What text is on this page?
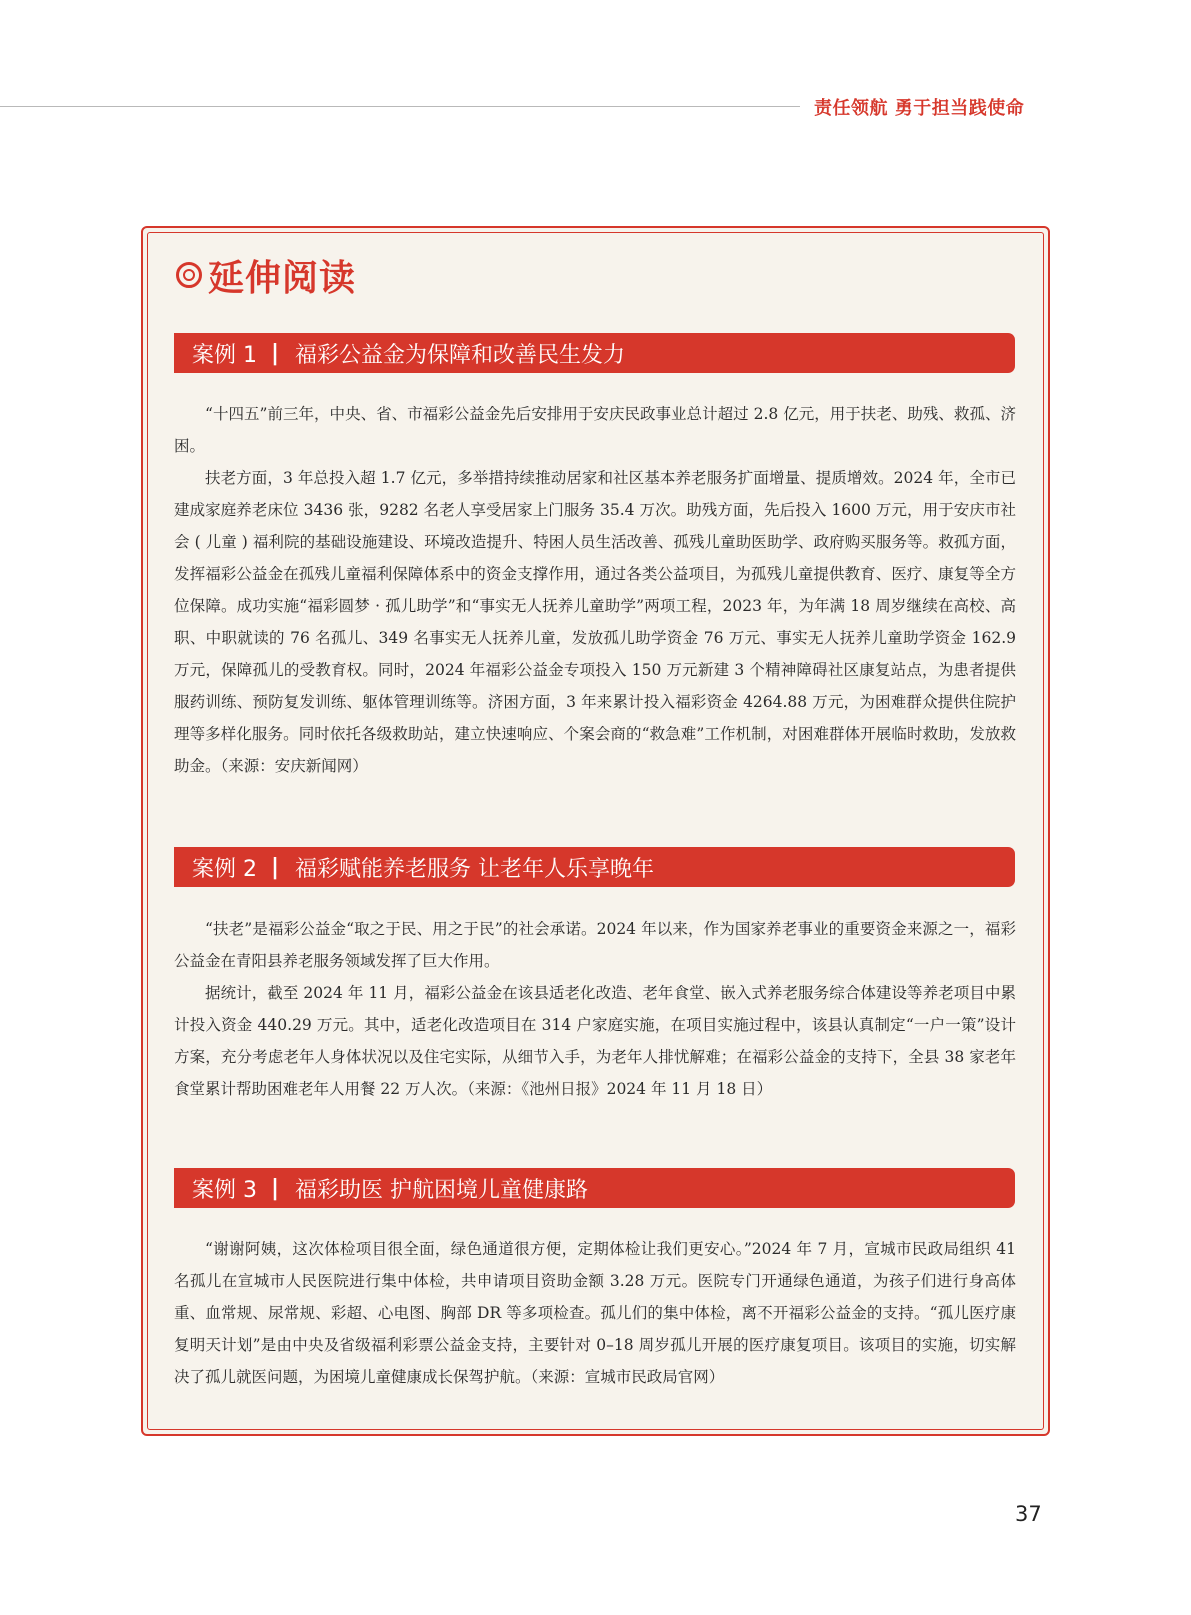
责任领航 勇于担当践使命
延伸阅读
案例 1 | 福彩公益金为保障和改善民生发力

“十四五”前三年，中央、省、市福彩公益金先后安排用于安庆民政事业总计超过 2.8 亿元，用于扶老、助残、救孤、济困。

扶老方面，3 年总投入超 1.7 亿元，多举措持续推动居家和社区基本养老服务扩面增量、提质增效。2024 年，全市已建成家庭养老床位 3436 张，9282 名老人享受居家上门服务 35.4 万次。助残方面，先后投入 1600 万元，用于安庆市社会 ( 儿童 ) 福利院的基础设施建设、环境改造提升、特困人员生活改善、孤残儿童助医助学、政府购买服务等。救孤方面，发挥福彩公益金在孤残儿童福利保障体系中的资金支撑作用，通过各类公益项目，为孤残儿童提供教育、医疗、康复等全方位保障。成功实施“福彩圆梦 · 孤儿助学”和“事实无人抚养儿童助学”两项工程，2023 年，为年满 18 周岁继续在高校、高职、中职就读的 76 名孤儿、349 名事实无人抚养儿童，发放孤儿助学资金 76 万元、事实无人抚养儿童助学资金 162.9 万元，保障孤儿的受教育权。同时，2024 年福彩公益金专项投入 150 万元新建 3 个精神障碍社区康复站点，为患者提供服药训练、预防复发训练、躯体管理训练等。济困方面，3 年来累计投入福彩资金 4264.88 万元，为困难群众提供住院护理等多样化服务。同时依托各级救助站，建立快速响应、个案会商的“救急难”工作机制，对困难群体开展临时救助，发放救助金。（来源：安庆新闻网）

案例 2 | 福彩赋能养老服务 让老年人乐享晚年

“扶老”是福彩公益金“取之于民、用之于民”的社会承诺。2024 年以来，作为国家养老事业的重要资金来源之一，福彩公益金在青阳县养老服务领域发挥了巨大作用。

据统计，截至 2024 年 11 月，福彩公益金在该县适老化改造、老年食堂、嵌入式养老服务综合体建设等养老项目中累计投入资金 440.29 万元。其中，适老化改造项目在 314 户家庭实施，在项目实施过程中，该县认真制定“一户一策”设计方案，充分考虑老年人身体状况以及住宅实际，从细节入手，为老年人排忧解难；在福彩公益金的支持下，全县 38 家老年食堂累计帮助困难老年人用餐 22 万人次。（来源：《池州日报》2024 年 11 月 18 日）

案例 3 | 福彩助医 护航困境儿童健康路

“谢谢阿姨，这次体检项目很全面，绿色通道很方便，定期体检让我们更安心。”2024 年 7 月，宣城市民政局组织 41 名孤儿在宣城市人民医院进行集中体检，共申请项目资助金额 3.28 万元。医院专门开通绿色通道，为孩子们进行身高体重、血常规、尿常规、彩超、心电图、胸部 DR 等多项检查。孤儿们的集中体检，离不开福彩公益金的支持。“孤儿医疗康复明天计划”是由中央及省级福利彩票公益金支持，主要针对 0–18 周岁孤儿开展的医疗康复项目。该项目的实施，切实解决了孤儿就医问题，为困境儿童健康成长保驾护航。（来源：宣城市民政局官网）

37
